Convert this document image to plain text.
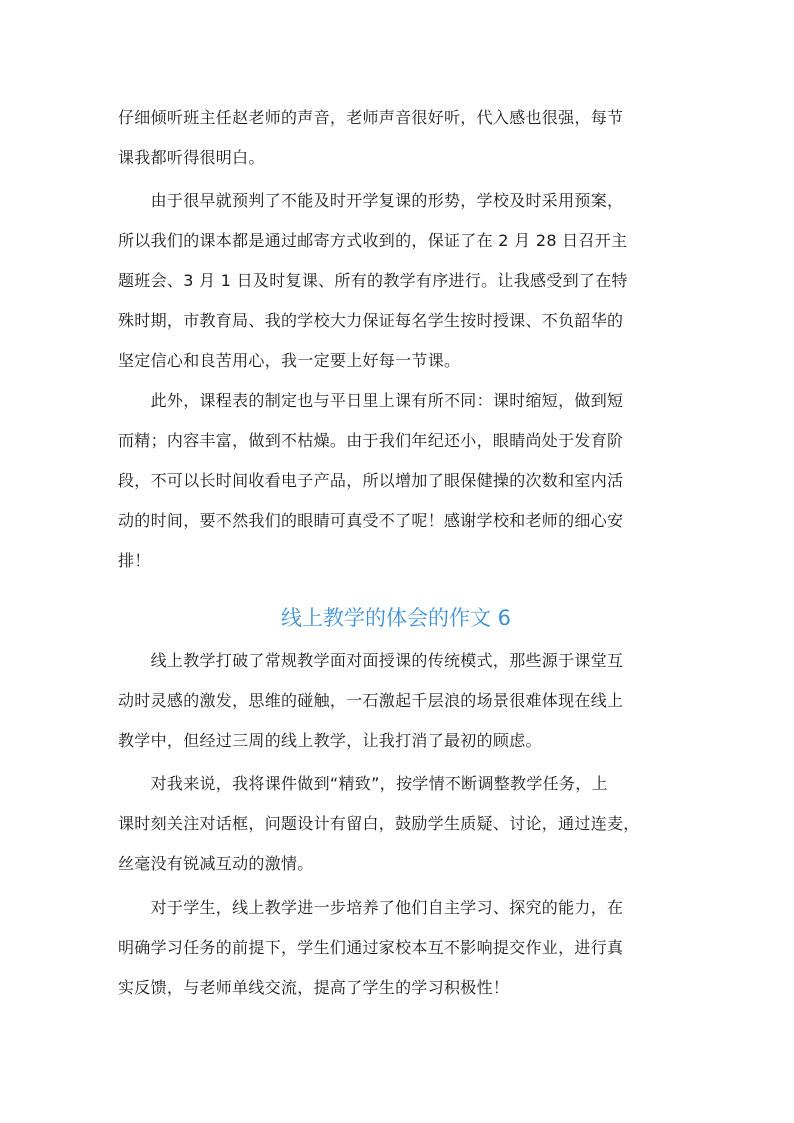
仔细倾听班主任赵老师的声音，老师声音很好听，代入感也很强，每节
课我都听得很明白。

　　由于很早就预判了不能及时开学复课的形势，学校及时采用预案，
所以我们的课本都是通过邮寄方式收到的，保证了在 2 月 28 日召开主
题班会、3 月 1 日及时复课、所有的教学有序进行。让我感受到了在特
殊时期，市教育局、我的学校大力保证每名学生按时授课、不负韶华的
坚定信心和良苦用心，我一定要上好每一节课。

　　此外，课程表的制定也与平日里上课有所不同：课时缩短，做到短
而精；内容丰富，做到不枯燥。由于我们年纪还小，眼睛尚处于发育阶
段，不可以长时间收看电子产品，所以增加了眼保健操的次数和室内活
动的时间，要不然我们的眼睛可真受不了呢！感谢学校和老师的细心安
排！

线上教学的体会的作文 6

　　线上教学打破了常规教学面对面授课的传统模式，那些源于课堂互
动时灵感的激发，思维的碰触，一石激起千层浪的场景很难体现在线上
教学中，但经过三周的线上教学，让我打消了最初的顾虑。

　　对我来说，我将课件做到“精致”，按学情不断调整教学任务，上
课时刻关注对话框，问题设计有留白，鼓励学生质疑、讨论，通过连麦，
丝毫没有锐减互动的激情。

　　对于学生，线上教学进一步培养了他们自主学习、探究的能力，在
明确学习任务的前提下，学生们通过家校本互不影响提交作业，进行真
实反馈，与老师单线交流，提高了学生的学习积极性！
